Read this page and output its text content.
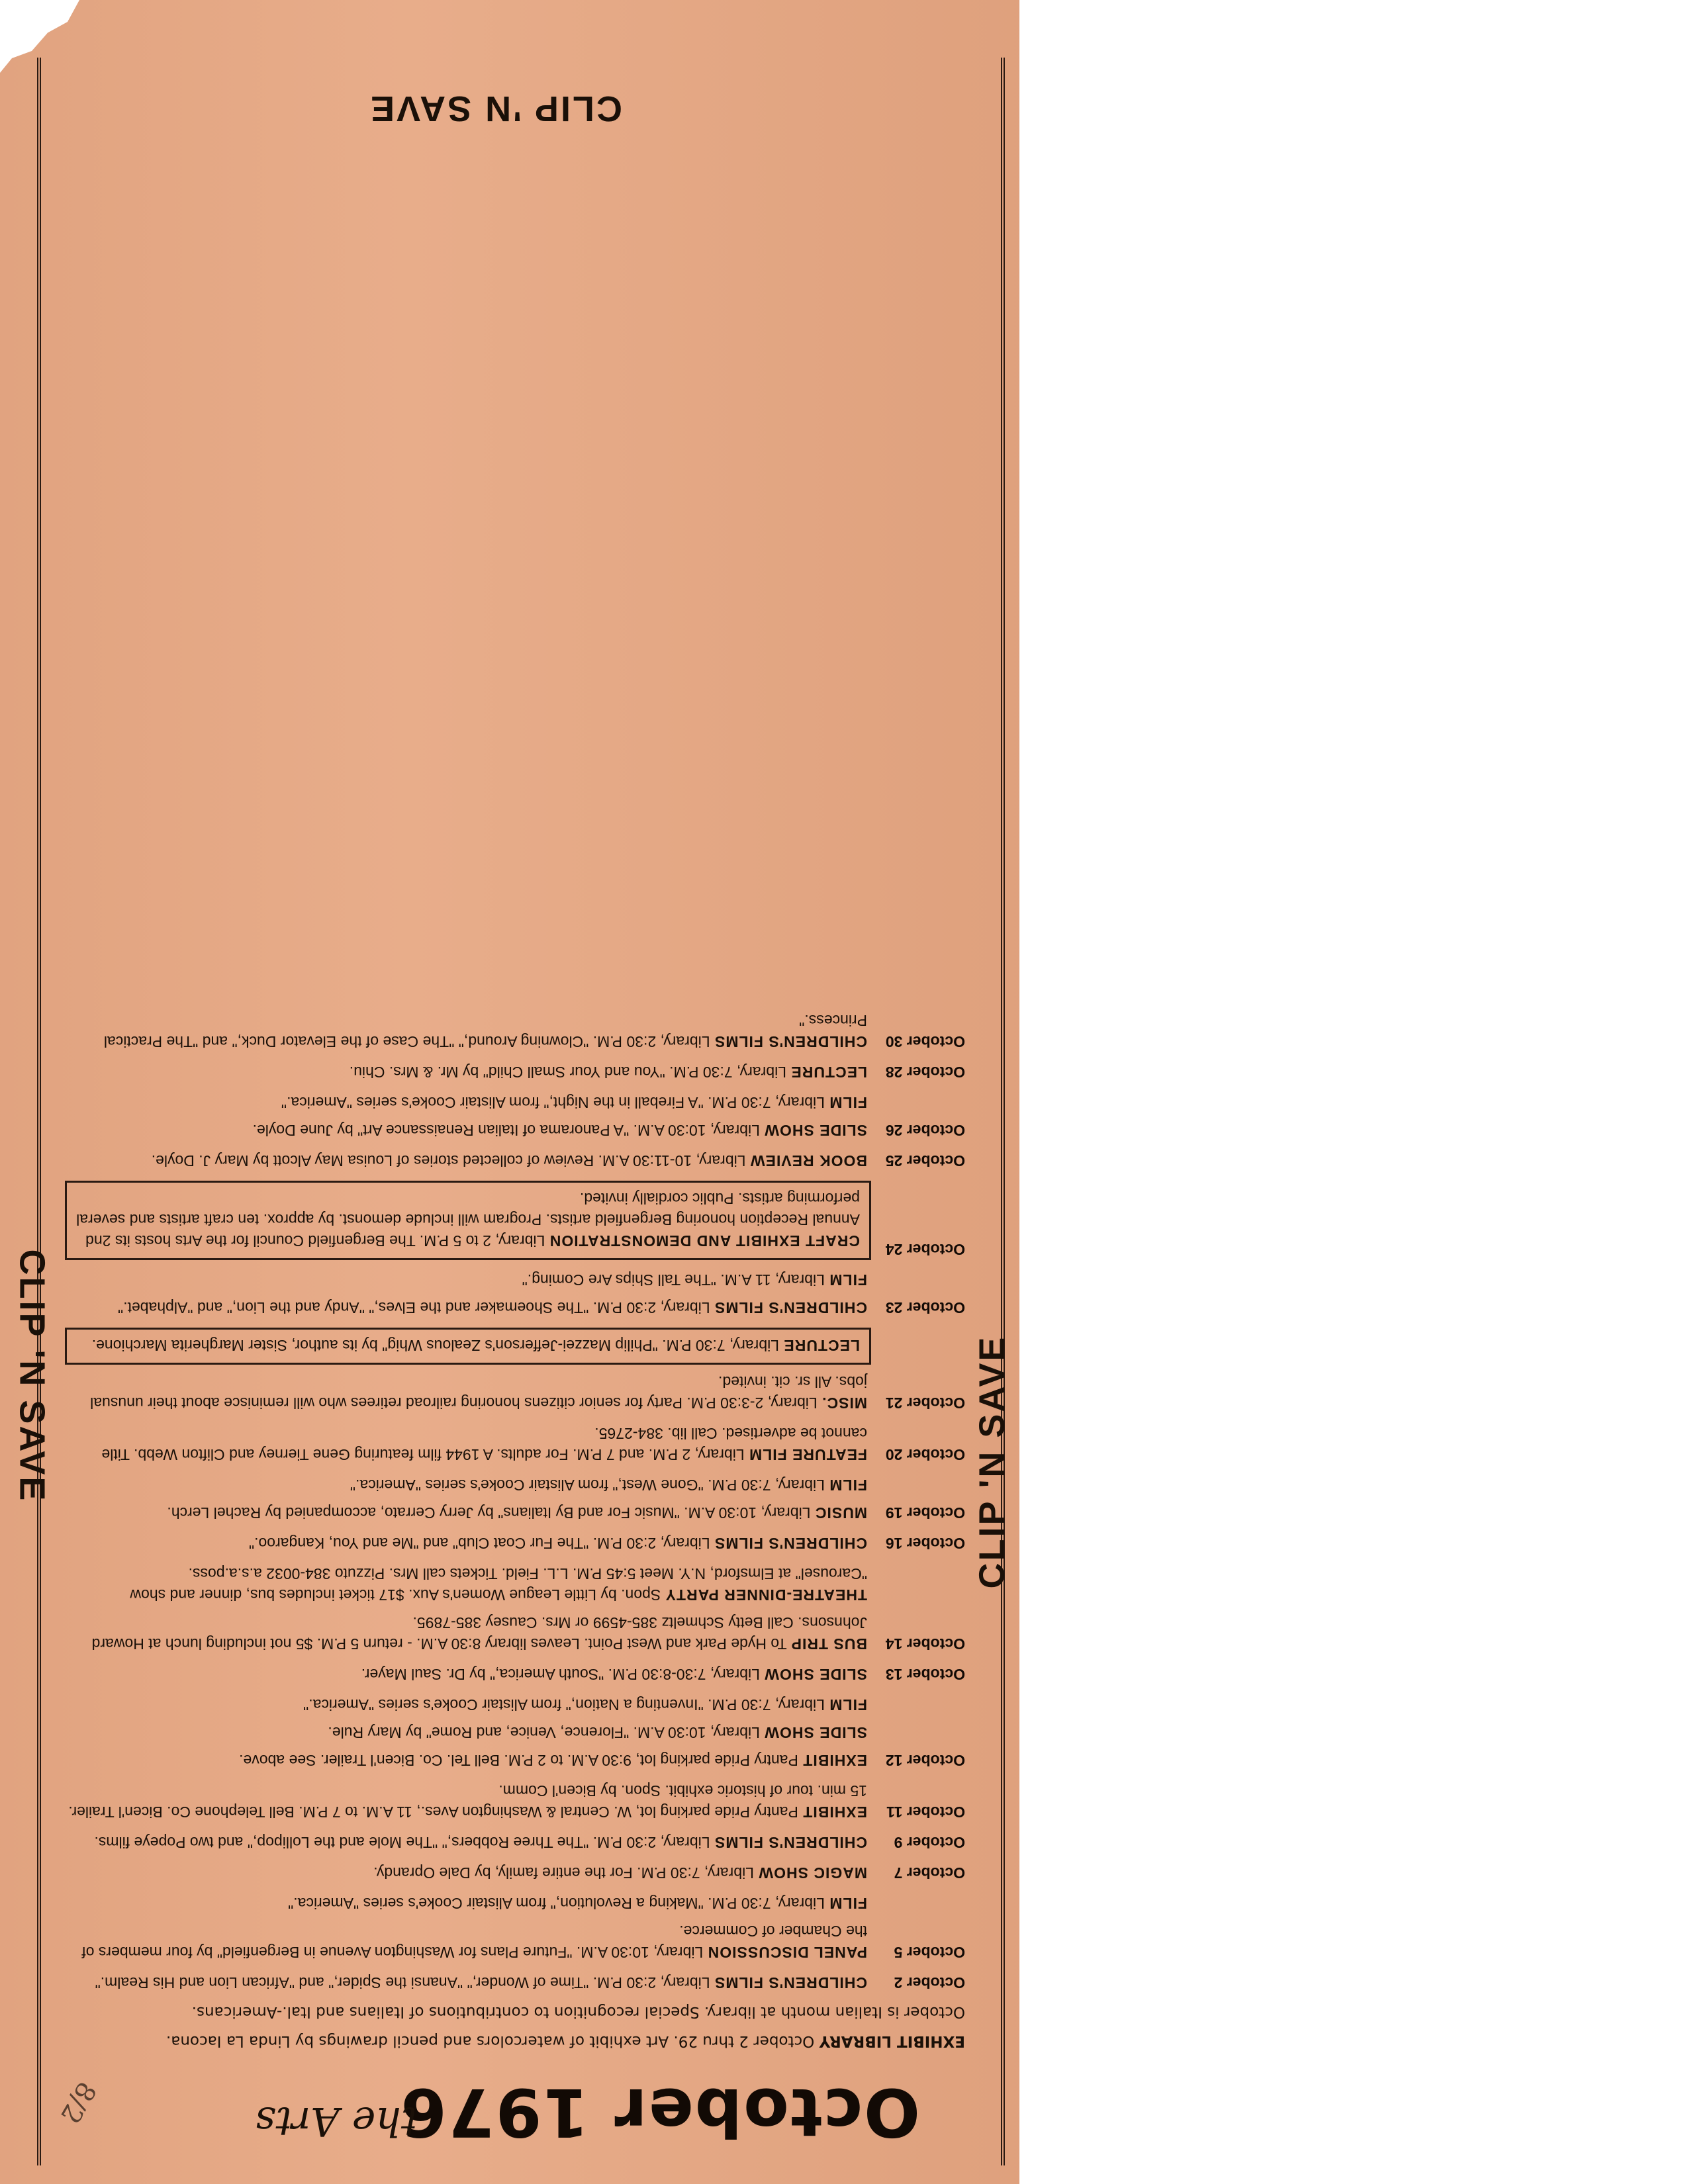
October 1976
the Arts
8/2

EXHIBIT LIBRARY October 2 thru 29. Art exhibit of watercolors and pencil drawings by Linda La Iacona.

October is Italian month at library. Special recognition to contributions of Italians and Ital.-Americans.

October 2
CHILDREN'S FILMS Library, 2:30 P.M. "Time of Wonder," "Anansi the Spider," and "African Lion and His Realm."
October 5
PANEL DISCUSSION Library, 10:30 A.M. "Future Plans for Washington Avenue in Bergenfield" by four members of the Chamber of Commerce.
FILM Library, 7:30 P.M. "Making a Revolution," from Alistair Cooke's series "America."
October 7
MAGIC SHOW Library, 7:30 P.M. For the entire family, by Dale Oprandy.
October 9
CHILDREN'S FILMS Library, 2:30 P.M. "The Three Robbers," "The Mole and the Lollipop," and two Popeye films.
October 11
EXHIBIT Pantry Pride parking lot, W. Central & Washington Aves., 11 A.M. to 7 P.M. Bell Telephone Co. Bicen'l Trailer. 15 min. tour of historic exhibit. Spon. by Bicen'l Comm.
October 12
EXHIBIT Pantry Pride parking lot, 9:30 A.M. to 2 P.M. Bell Tel. Co. Bicen'l Trailer. See above.
SLIDE SHOW Library, 10:30 A.M. "Florence, Venice, and Rome" by Mary Rule.
FILM Library, 7:30 P.M. "Inventing a Nation," from Alistair Cooke's series "America."
October 13
SLIDE SHOW Library, 7:30-8:30 P.M. "South America," by Dr. Saul Mayer.
October 14
BUS TRIP To Hyde Park and West Point. Leaves library 8:30 A.M. - return 5 P.M. $5 not including lunch at Howard Johnsons. Call Betty Schmeltz 385-4599 or Mrs. Causey 385-7895.
THEATRE-DINNER PARTY Spon. by Little League Women's Aux. $17 ticket includes bus, dinner and show "Carousel" at Elmsford, N.Y. Meet 5:45 P.M. L.L. Field. Tickets call Mrs. Pizzuto 384-0032 a.s.a.poss.
October 16
CHILDREN'S FILMS Library, 2:30 P.M. "The Fur Coat Club" and "Me and You, Kangaroo."
October 19
MUSIC Library, 10:30 A.M. "Music For and By Italians" by Jerry Cerrato, accompanied by Rachel Lerch.
FILM Library, 7:30 P.M. "Gone West," from Alistair Cooke's series "America."
October 20
FEATURE FILM Library, 2 P.M. and 7 P.M. For adults. A 1944 film featuring Gene Tierney and Clifton Webb. Title cannot be advertised. Call lib. 384-2765.
October 21
MISC. Library, 2-3:30 P.M. Party for senior citizens honoring railroad retirees who will reminisce about their unusual jobs. All sr. cit. invited.
LECTURE Library, 7:30 P.M. "Philip Mazzei-Jefferson's Zealous Whig" by its author, Sister Margherita Marchione.
October 23
CHILDREN'S FILMS Library, 2:30 P.M. "The Shoemaker and the Elves," "Andy and the Lion," and "Alphabet."
FILM Library, 11 A.M. "The Tall Ships Are Coming."
October 24
CRAFT EXHIBIT AND DEMONSTRATION Library, 2 to 5 P.M. The Bergenfield Council for the Arts hosts its 2nd Annual Reception honoring Bergenfield artists. Program will include demonst. by approx. ten craft artists and several performing artists. Public cordially invited.
October 25
BOOK REVIEW Library, 10-11:30 A.M. Review of collected stories of Louisa May Alcott by Mary J. Doyle.
October 26
SLIDE SHOW Library, 10:30 A.M. "A Panorama of Italian Renaissance Art" by June Doyle.
FILM Library, 7:30 P.M. "A Fireball in the Night," from Alistair Cooke's series "America."
October 28
LECTURE Library, 7:30 P.M. "You and Your Small Child" by Mr. & Mrs. Chiu.
October 30
CHILDREN'S FILMS Library, 2:30 P.M. "Clowning Around," "The Case of the Elevator Duck," and "The Practical Princess."
CLIP 'N SAVE
CLIP 'N SAVE
CLIP 'N SAVE
